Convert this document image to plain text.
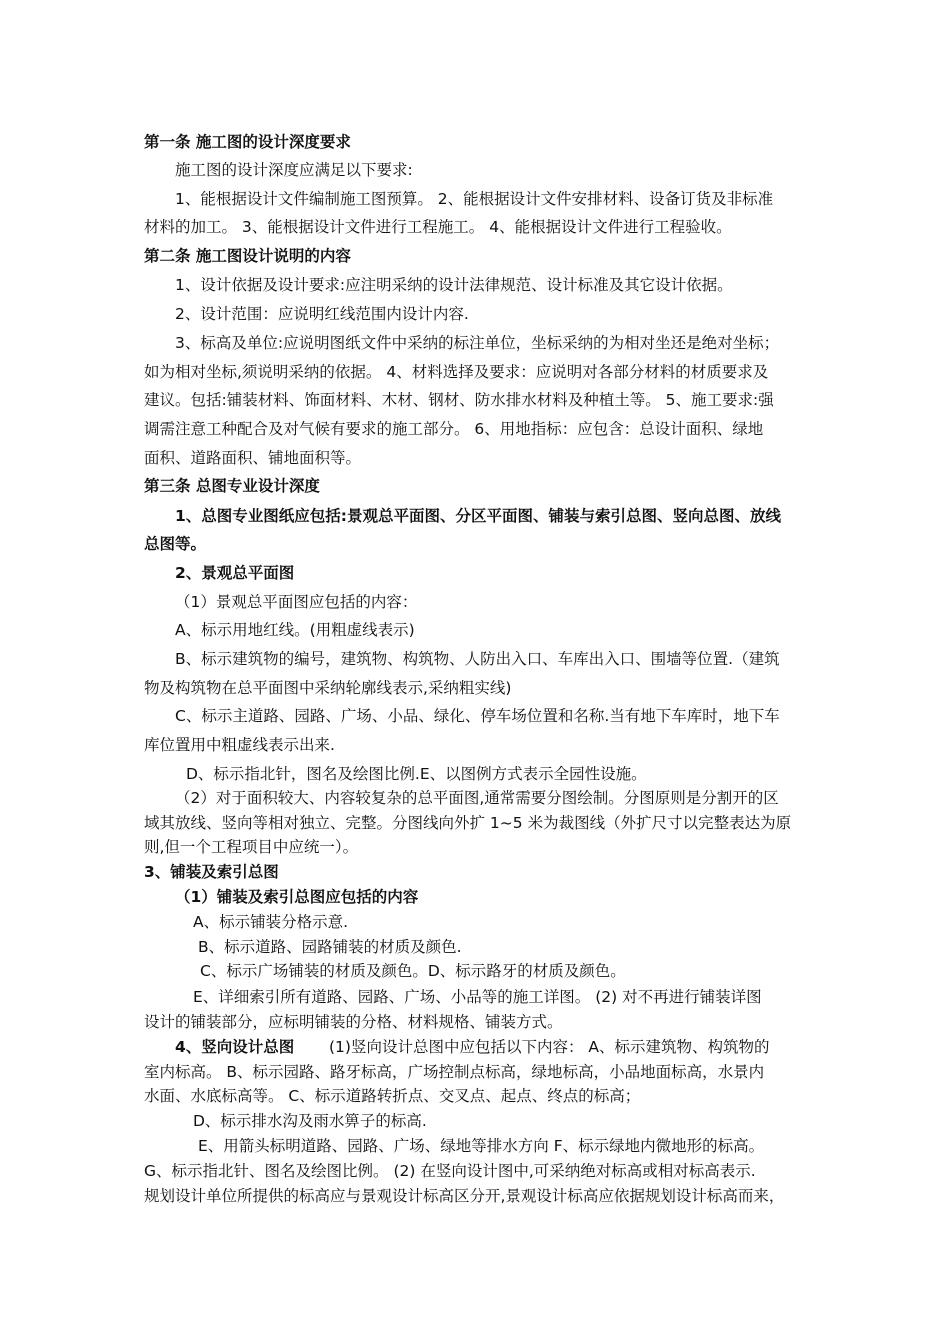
第一条 施工图的设计深度要求
施工图的设计深度应满足以下要求:
1、能根据设计文件编制施工图预算。 2、能根据设计文件安排材料、设备订货及非标准
材料的加工。 3、能根据设计文件进行工程施工。 4、能根据设计文件进行工程验收。
第二条 施工图设计说明的内容
1、设计依据及设计要求:应注明采纳的设计法律规范、设计标准及其它设计依据。
2、设计范围：应说明红线范围内设计内容.
3、标高及单位:应说明图纸文件中采纳的标注单位，坐标采纳的为相对坐还是绝对坐标；
如为相对坐标,须说明采纳的依据。 4、材料选择及要求：应说明对各部分材料的材质要求及
建议。包括:铺装材料、饰面材料、木材、钢材、防水排水材料及种植土等。 5、施工要求:强
调需注意工种配合及对气候有要求的施工部分。 6、用地指标：应包含：总设计面积、绿地
面积、道路面积、铺地面积等。
第三条 总图专业设计深度
1、总图专业图纸应包括:景观总平面图、分区平面图、铺装与索引总图、竖向总图、放线
总图等。
2、景观总平面图
（1）景观总平面图应包括的内容：
A、标示用地红线。(用粗虚线表示)
B、标示建筑物的编号，建筑物、构筑物、人防出入口、车库出入口、围墙等位置.（建筑
物及构筑物在总平面图中采纳轮廓线表示,采纳粗实线)
C、标示主道路、园路、广场、小品、绿化、停车场位置和名称.当有地下车库时，地下车
库位置用中粗虚线表示出来.
D、标示指北针，图名及绘图比例.E、以图例方式表示全园性设施。
（2）对于面积较大、内容较复杂的总平面图,通常需要分图绘制。分图原则是分割开的区
域其放线、竖向等相对独立、完整。分图线向外扩 1~5 米为裁图线（外扩尺寸以完整表达为原
则,但一个工程项目中应统一）。
3、铺装及索引总图
（1）铺装及索引总图应包括的内容
A、标示铺装分格示意.
B、标示道路、园路铺装的材质及颜色.
C、标示广场铺装的材质及颜色。D、标示路牙的材质及颜色。
E、详细索引所有道路、园路、广场、小品等的施工详图。 (2) 对不再进行铺装详图
设计的铺装部分，应标明铺装的分格、材料规格、铺装方式。
4、竖向设计总图	(1)竖向设计总图中应包括以下内容： A、标示建筑物、构筑物的
室内标高。 B、标示园路、路牙标高，广场控制点标高，绿地标高，小品地面标高，水景内
水面、水底标高等。 C、标示道路转折点、交叉点、起点、终点的标高；
D、标示排水沟及雨水箅子的标高.
E、用箭头标明道路、园路、广场、绿地等排水方向 F、标示绿地内微地形的标高。
G、标示指北针、图名及绘图比例。 (2) 在竖向设计图中,可采纳绝对标高或相对标高表示.
规划设计单位所提供的标高应与景观设计标高区分开,景观设计标高应依据规划设计标高而来，
